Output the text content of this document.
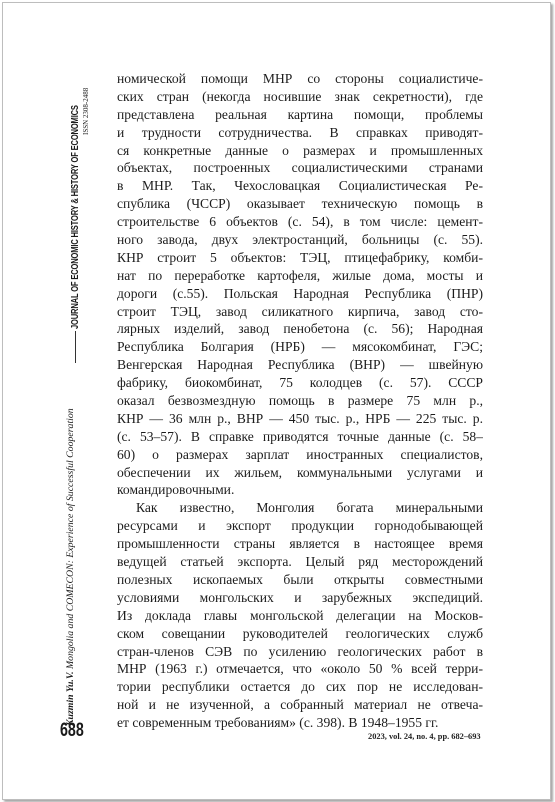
JOURNAL OF ECONOMIC HISTORY & HISTORY OF ECONOMICS ISSN 2308-2488
Kuzmin Yu.V. Mongolia and COMECON: Experience of Successful Cooperation
688	2023, vol. 24, no. 4, pp. 682–693
номической помощи МНР со стороны социалистиче-
ских стран (некогда носившие знак секретности), где
представлена реальная картина помощи, проблемы
и трудности сотрудничества. В справках приводят-
ся конкретные данные о размерах и промышленных
объектах, построенных социалистическими странами
в МНР. Так, Чехословацкая Социалистическая Ре-
спублика (ЧССР) оказывает техническую помощь в
строительстве 6 объектов (с. 54), в том числе: цемент-
ного завода, двух электростанций, больницы (с. 55).
КНР строит 5 объектов: ТЭЦ, птицефабрику, комби-
нат по переработке картофеля, жилые дома, мосты и
дороги (с.55). Польская Народная Республика (ПНР)
строит ТЭЦ, завод силикатного кирпича, завод сто-
лярных изделий, завод пенобетона (с. 56); Народная
Республика Болгария (НРБ) — мясокомбинат, ГЭС;
Венгерская Народная Республика (ВНР) — швейную
фабрику, биокомбинат, 75 колодцев (с. 57). СССР
оказал безвозмездную помощь в размере 75 млн р.,
КНР — 36 млн р., ВНР — 450 тыс. р., НРБ — 225 тыс. р.
(с. 53–57). В справке приводятся точные данные (с. 58–
60) о размерах зарплат иностранных специалистов,
обеспечении их жильем, коммунальными услугами и
командировочными.
Как известно, Монголия богата минеральными
ресурсами и экспорт продукции горнодобывающей
промышленности страны является в настоящее время
ведущей статьей экспорта. Целый ряд месторождений
полезных ископаемых были открыты совместными
условиями монгольских и зарубежных экспедиций.
Из доклада главы монгольской делегации на Москов-
ском совещании руководителей геологических служб
стран-членов СЭВ по усилению геологических работ в
МНР (1963 г.) отмечается, что «около 50 % всей терри-
тории республики остается до сих пор не исследован-
ной и не изученной, а собранный материал не отвеча-
ет современным требованиям» (с. 398). В 1948–1955 гг.
